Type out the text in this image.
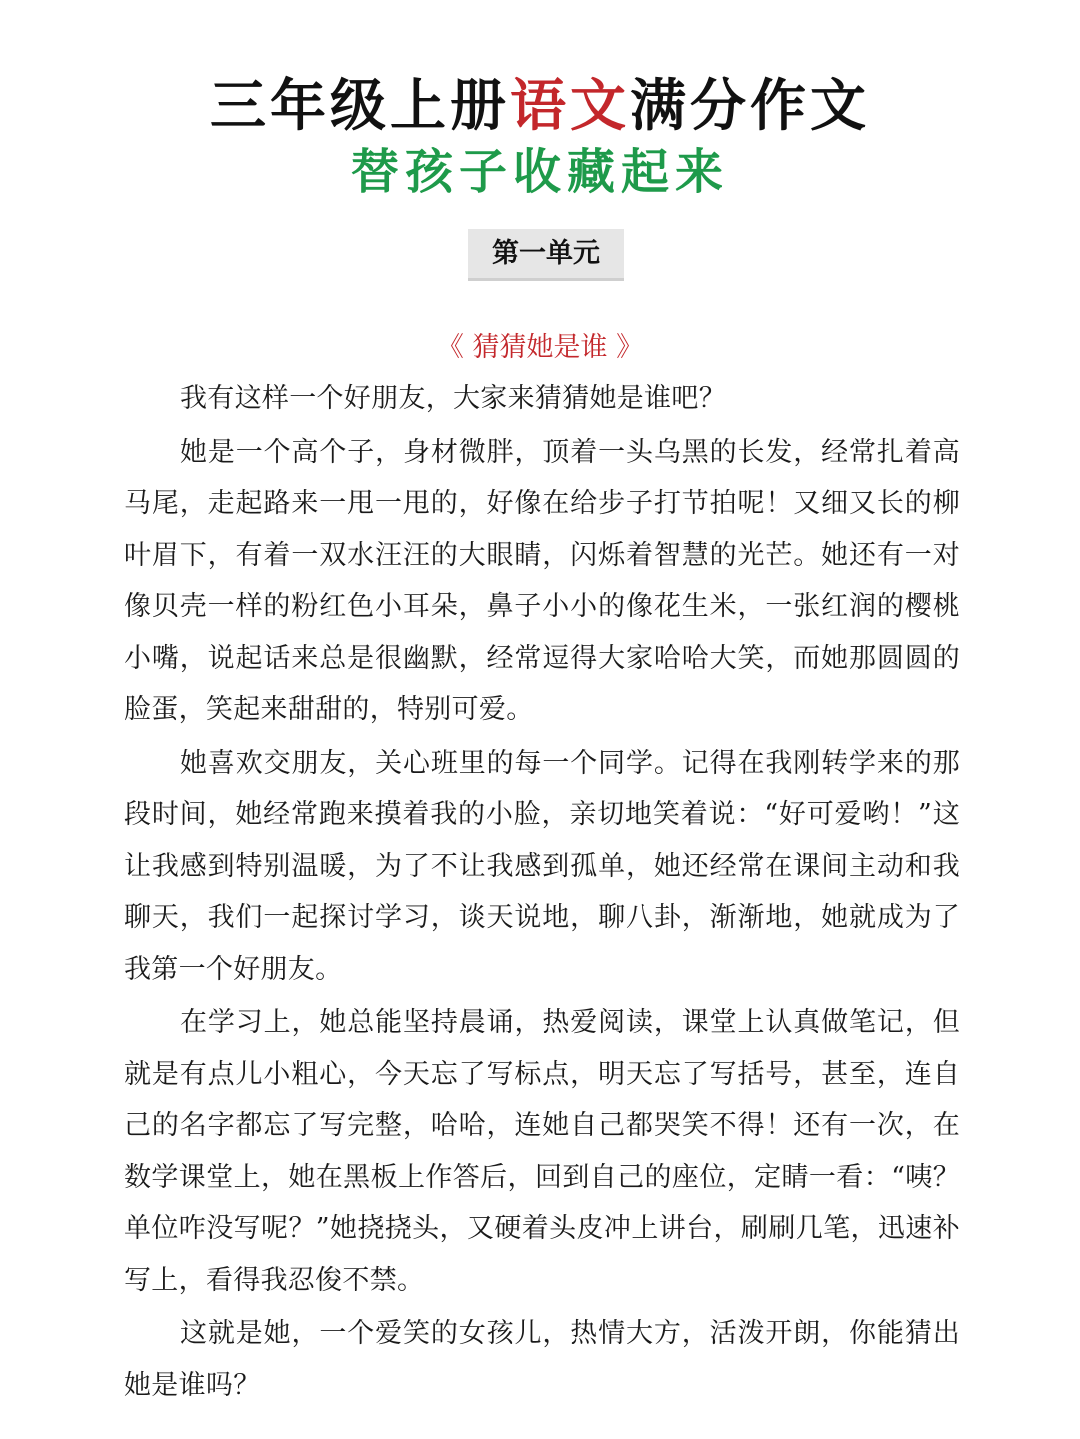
三年级上册语文满分作文
替孩子收藏起来
第一单元
《 猜猜她是谁 》

我有这样一个好朋友，大家来猜猜她是谁吧？

她是一个高个子，身材微胖，顶着一头乌黑的长发，经常扎着高马尾，走起路来一甩一甩的，好像在给步子打节拍呢！又细又长的柳叶眉下，有着一双水汪汪的大眼睛，闪烁着智慧的光芒。她还有一对像贝壳一样的粉红色小耳朵，鼻子小小的像花生米，一张红润的樱桃小嘴，说起话来总是很幽默，经常逗得大家哈哈大笑，而她那圆圆的脸蛋，笑起来甜甜的，特别可爱。

她喜欢交朋友，关心班里的每一个同学。记得在我刚转学来的那段时间，她经常跑来摸着我的小脸，亲切地笑着说：“好可爱哟！”这让我感到特别温暖，为了不让我感到孤单，她还经常在课间主动和我聊天，我们一起探讨学习，谈天说地，聊八卦，渐渐地，她就成为了我第一个好朋友。

在学习上，她总能坚持晨诵，热爱阅读，课堂上认真做笔记，但就是有点儿小粗心，今天忘了写标点，明天忘了写括号，甚至，连自己的名字都忘了写完整，哈哈，连她自己都哭笑不得！还有一次，在数学课堂上，她在黑板上作答后，回到自己的座位，定睛一看：“咦？单位咋没写呢？”她挠挠头，又硬着头皮冲上讲台，刷刷几笔，迅速补写上，看得我忍俊不禁。

这就是她，一个爱笑的女孩儿，热情大方，活泼开朗，你能猜出她是谁吗？
